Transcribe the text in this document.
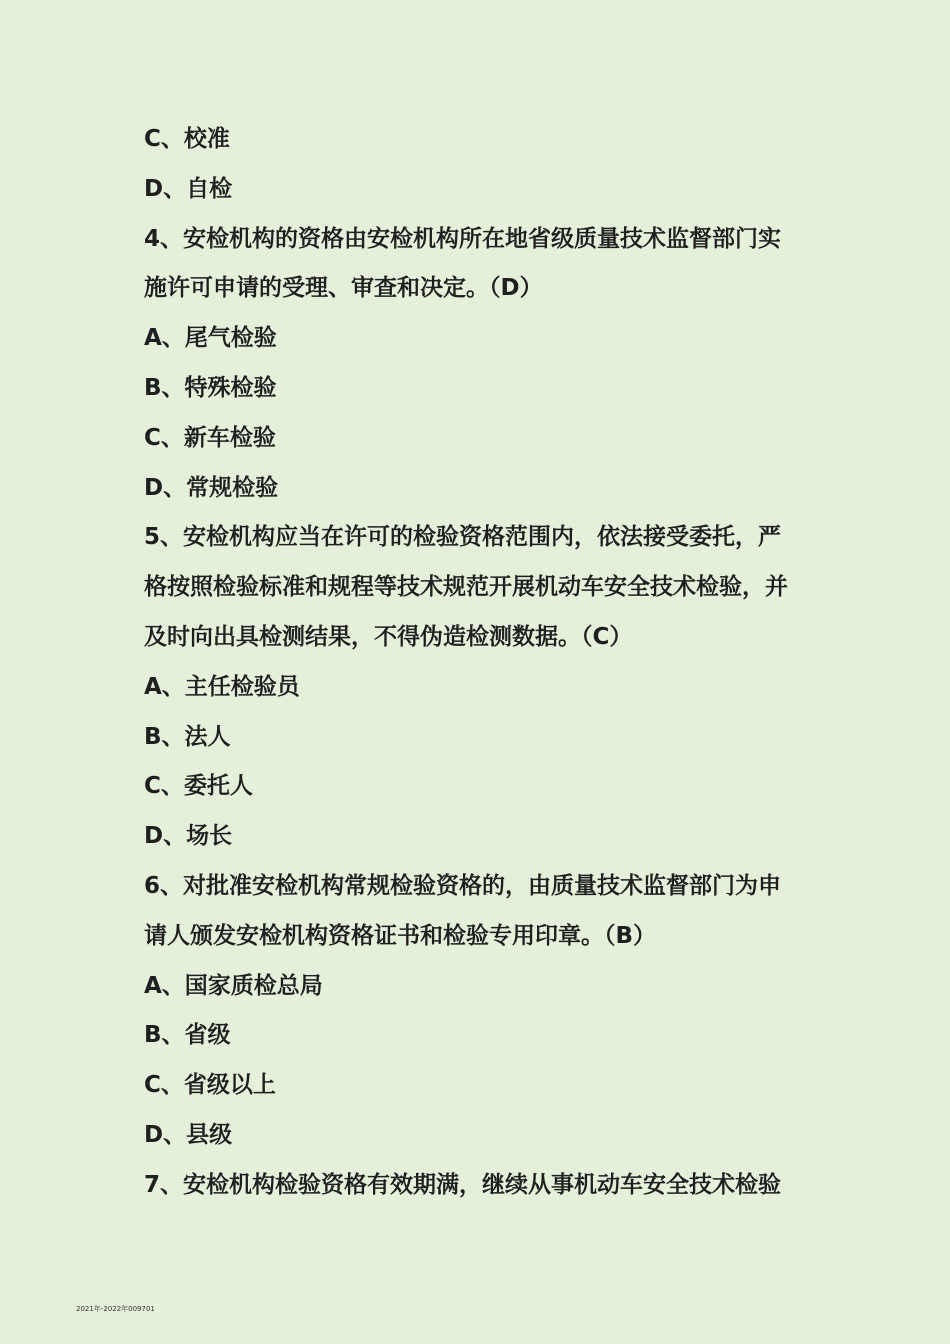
C、校准
D、自检
4、安检机构的资格由安检机构所在地省级质量技术监督部门实
施许可申请的受理、审查和决定。（D）
A、尾气检验
B、特殊检验
C、新车检验
D、常规检验
5、安检机构应当在许可的检验资格范围内，依法接受委托，严
格按照检验标准和规程等技术规范开展机动车安全技术检验，并
及时向出具检测结果，不得伪造检测数据。（C）
A、主任检验员
B、法人
C、委托人
D、场长
6、对批准安检机构常规检验资格的，由质量技术监督部门为申
请人颁发安检机构资格证书和检验专用印章。（B）
A、国家质检总局
B、省级
C、省级以上
D、县级
7、安检机构检验资格有效期满，继续从事机动车安全技术检验
2021年-2022年009701
